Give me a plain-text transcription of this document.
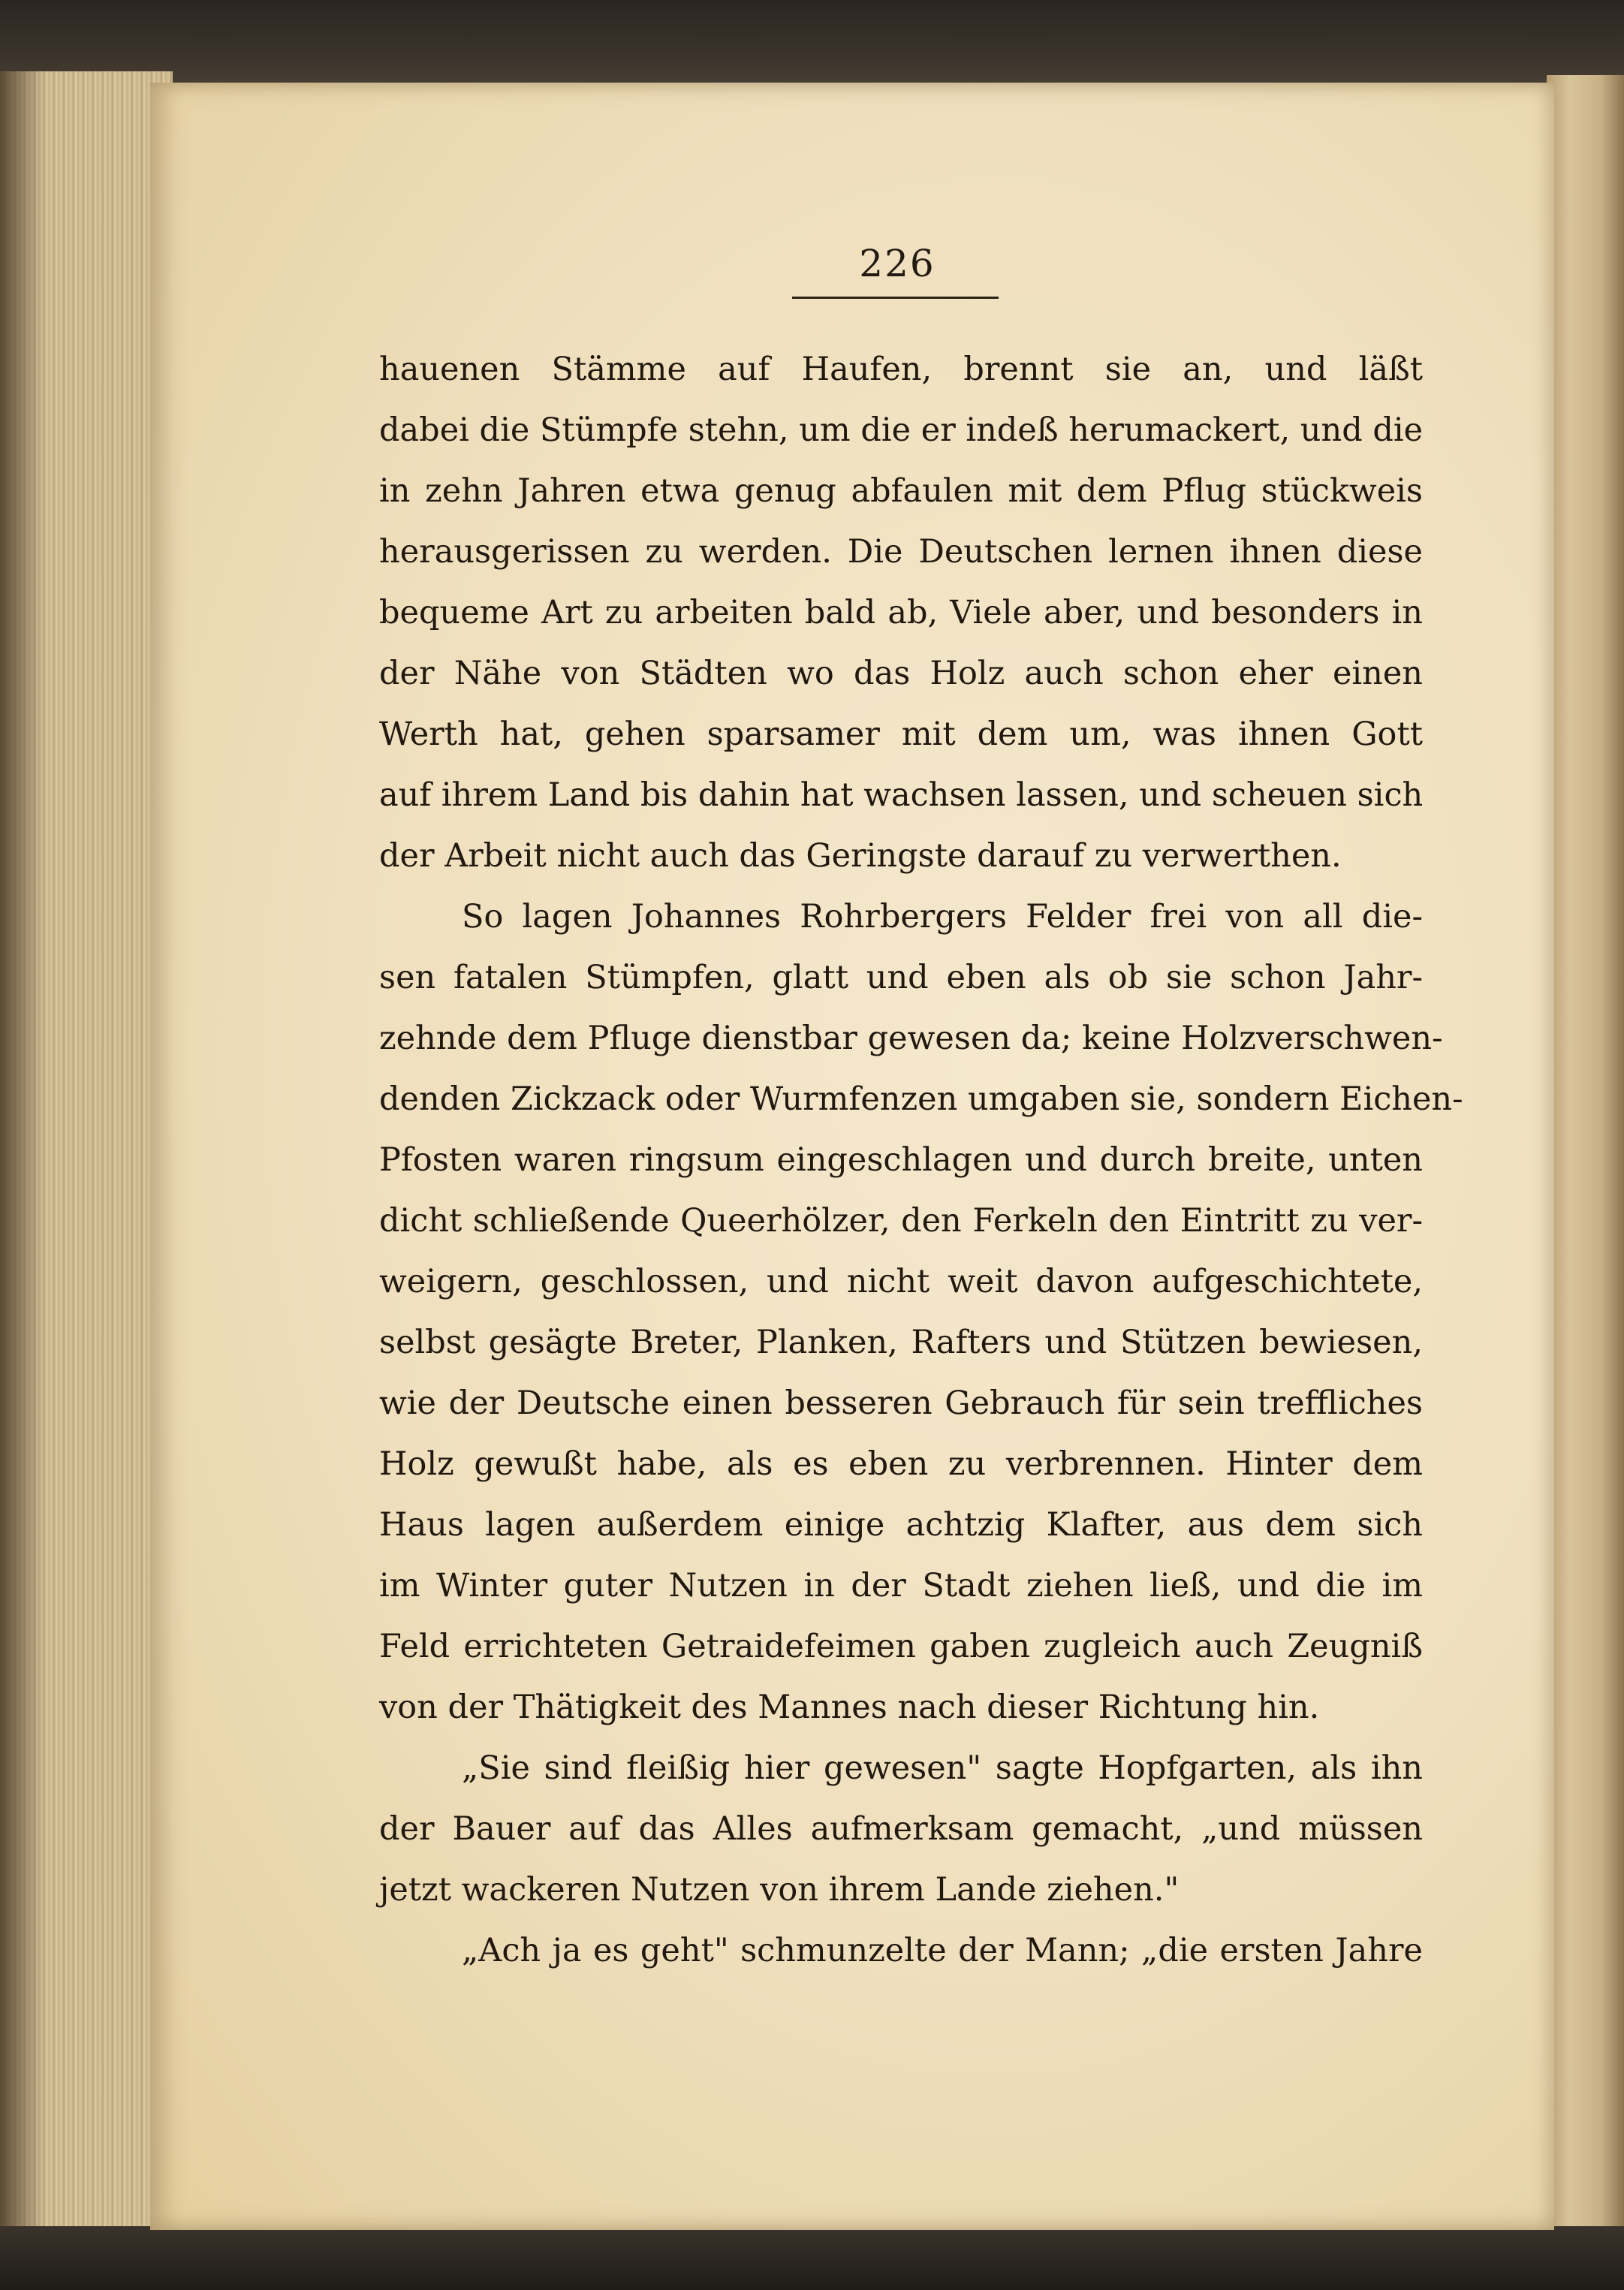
226
hauenen Stämme auf Haufen, brennt sie an, und läßt
dabei die Stümpfe stehn, um die er indeß herumackert, und die
in zehn Jahren etwa genug abfaulen mit dem Pflug stückweis
herausgerissen zu werden. Die Deutschen lernen ihnen diese
bequeme Art zu arbeiten bald ab, Viele aber, und besonders in
der Nähe von Städten wo das Holz auch schon eher einen
Werth hat, gehen sparsamer mit dem um, was ihnen Gott
auf ihrem Land bis dahin hat wachsen lassen, und scheuen sich
der Arbeit nicht auch das Geringste darauf zu verwerthen.
So lagen Johannes Rohrbergers Felder frei von all die-
sen fatalen Stümpfen, glatt und eben als ob sie schon Jahr-
zehnde dem Pfluge dienstbar gewesen da; keine Holzverschwen-
denden Zickzack oder Wurmfenzen umgaben sie, sondern Eichen-
Pfosten waren ringsum eingeschlagen und durch breite, unten
dicht schließende Queerhölzer, den Ferkeln den Eintritt zu ver-
weigern, geschlossen, und nicht weit davon aufgeschichtete,
selbst gesägte Breter, Planken, Rafters und Stützen bewiesen,
wie der Deutsche einen besseren Gebrauch für sein treffliches
Holz gewußt habe, als es eben zu verbrennen. Hinter dem
Haus lagen außerdem einige achtzig Klafter, aus dem sich
im Winter guter Nutzen in der Stadt ziehen ließ, und die im
Feld errichteten Getraidefeimen gaben zugleich auch Zeugniß
von der Thätigkeit des Mannes nach dieser Richtung hin.
„Sie sind fleißig hier gewesen" sagte Hopfgarten, als ihn
der Bauer auf das Alles aufmerksam gemacht, „und müssen
jetzt wackeren Nutzen von ihrem Lande ziehen."
„Ach ja es geht" schmunzelte der Mann; „die ersten Jahre
